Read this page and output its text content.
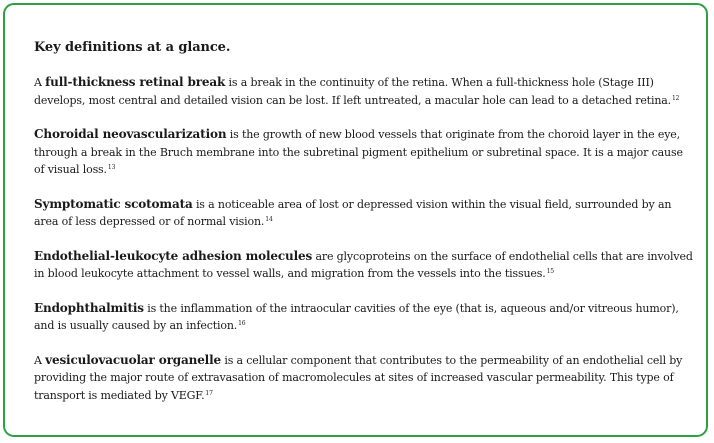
Key definitions at a glance.

A full-thickness retinal break is a break in the continuity of the retina. When a full-thickness hole (Stage III) develops, most central and detailed vision can be lost. If left untreated, a macular hole can lead to a detached retina.$^{12}$

Choroidal neovascularization is the growth of new blood vessels that originate from the choroid layer in the eye, through a break in the Bruch membrane into the subretinal pigment epithelium or subretinal space. It is a major cause of visual loss.$^{13}$

Symptomatic scotomata is a noticeable area of lost or depressed vision within the visual field, surrounded by an area of less depressed or of normal vision.$^{14}$

Endothelial-leukocyte adhesion molecules are glycoproteins on the surface of endothelial cells that are involved in blood leukocyte attachment to vessel walls, and migration from the vessels into the tissues.$^{15}$

Endophthalmitis is the inflammation of the intraocular cavities of the eye (that is, aqueous and/or vitreous humor), and is usually caused by an infection.$^{16}$

A vesiculovacuolar organelle is a cellular component that contributes to the permeability of an endothelial cell by providing the major route of extravasation of macromolecules at sites of increased vascular permeability. This type of transport is mediated by VEGF.$^{17}$
